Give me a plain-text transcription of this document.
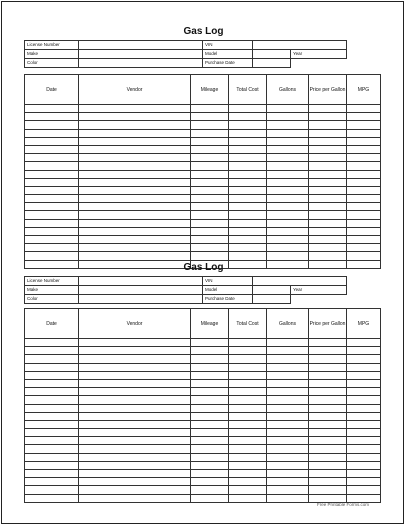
Gas Log
License Number		VIN		
Make		Model		Year
Color		Purchase Date		
Date	Vendor	Mileage	Total Cost	Gallons	Price per Gallon	MPG

Gas Log
License Number		VIN		
Make		Model		Year
Color		Purchase Date		
Date	Vendor	Mileage	Total Cost	Gallons	Price per Gallon	MPG

Free Printable Forms.com
